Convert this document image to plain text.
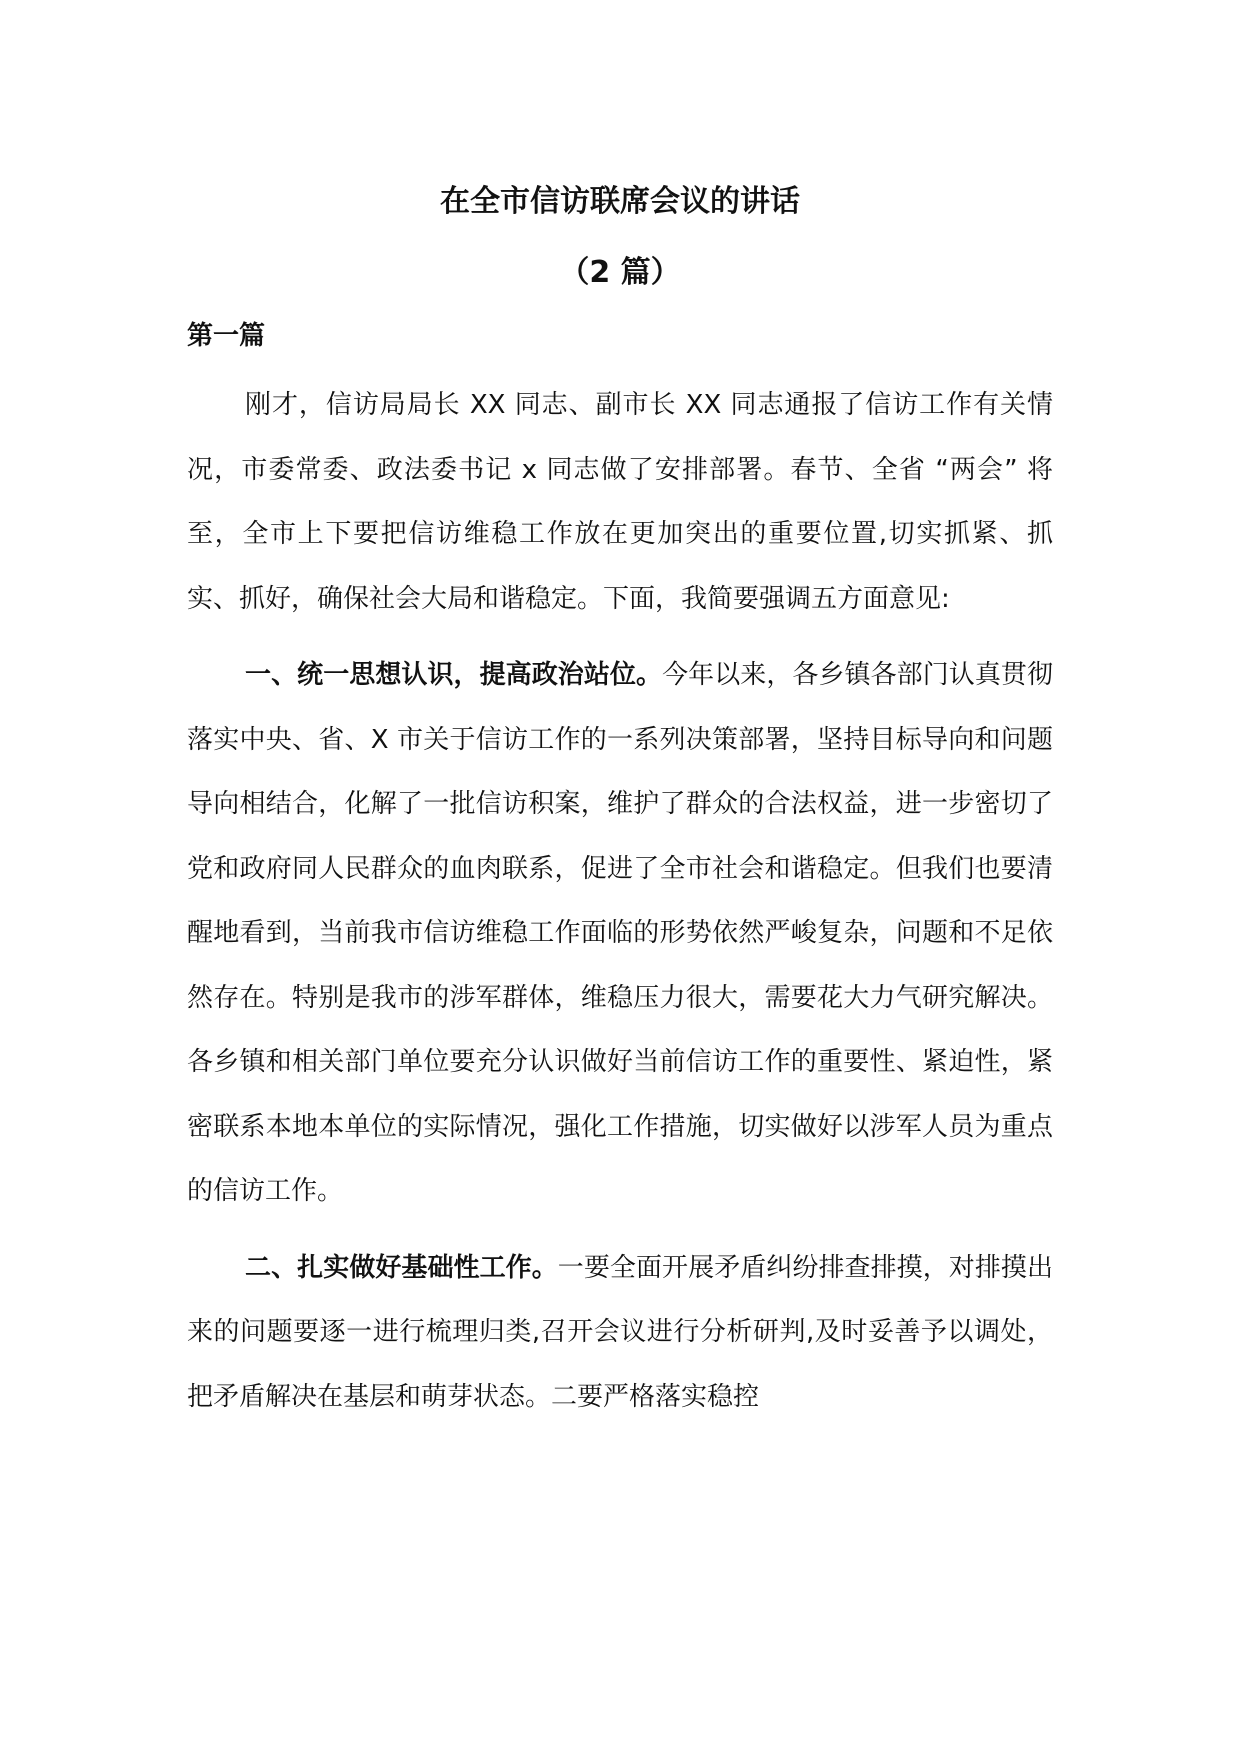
在全市信访联席会议的讲话
（2 篇）
第一篇

刚才，信访局局长 XX 同志、副市长 XX 同志通报了信访工作有关情况，市委常委、政法委书记 x 同志做了安排部署。春节、全省 “两会” 将至，全市上下要把信访维稳工作放在更加突出的重要位置,切实抓紧、抓实、抓好，确保社会大局和谐稳定。下面，我简要强调五方面意见:

一、统一思想认识，提高政治站位。今年以来，各乡镇各部门认真贯彻落实中央、省、X 市关于信访工作的一系列决策部署，坚持目标导向和问题导向相结合，化解了一批信访积案，维护了群众的合法权益，进一步密切了党和政府同人民群众的血肉联系，促进了全市社会和谐稳定。但我们也要清醒地看到，当前我市信访维稳工作面临的形势依然严峻复杂，问题和不足依然存在。特别是我市的涉军群体，维稳压力很大，需要花大力气研究解决。各乡镇和相关部门单位要充分认识做好当前信访工作的重要性、紧迫性，紧密联系本地本单位的实际情况，强化工作措施，切实做好以涉军人员为重点的信访工作。

二、扎实做好基础性工作。一要全面开展矛盾纠纷排查排摸，对排摸出来的问题要逐一进行梳理归类,召开会议进行分析研判,及时妥善予以调处，把矛盾解决在基层和萌芽状态。二要严格落实稳控
